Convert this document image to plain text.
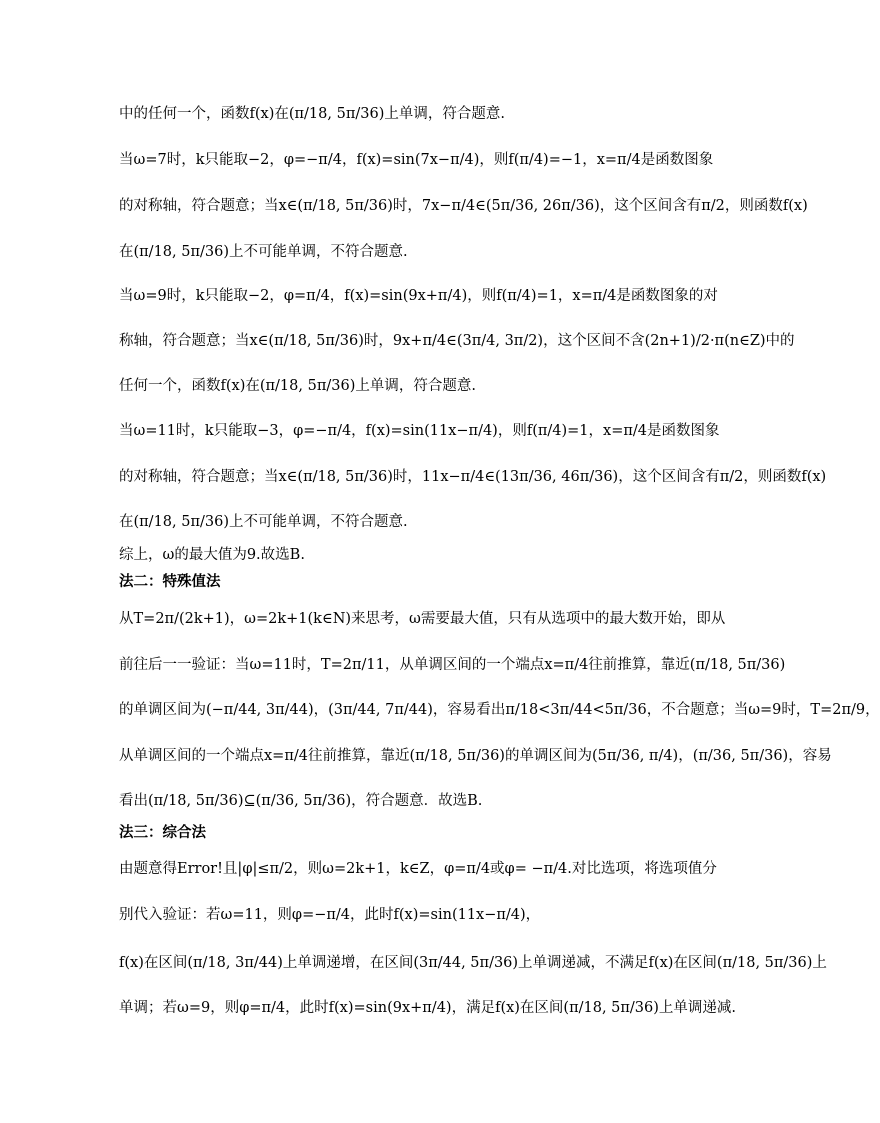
中的任何一个，函数f(x)在(π/18, 5π/36)上单调，符合题意.
当ω=7时，k只能取−2，φ=−π/4，f(x)=sin(7x−π/4)，则f(π/4)=−1，x=π/4是函数图象
的对称轴，符合题意；当x∈(π/18, 5π/36)时，7x−π/4∈(5π/36, 26π/36)，这个区间含有π/2，则函数f(x)
在(π/18, 5π/36)上不可能单调，不符合题意.
当ω=9时，k只能取−2，φ=π/4，f(x)=sin(9x+π/4)，则f(π/4)=1，x=π/4是函数图象的对
称轴，符合题意；当x∈(π/18, 5π/36)时，9x+π/4∈(3π/4, 3π/2)，这个区间不含(2n+1)/2·π(n∈Z)中的
任何一个，函数f(x)在(π/18, 5π/36)上单调，符合题意.
当ω=11时，k只能取−3，φ=−π/4，f(x)=sin(11x−π/4)，则f(π/4)=1，x=π/4是函数图象
的对称轴，符合题意；当x∈(π/18, 5π/36)时，11x−π/4∈(13π/36, 46π/36)，这个区间含有π/2，则函数f(x)
在(π/18, 5π/36)上不可能单调，不符合题意.
综上，ω的最大值为9.故选B.
法二：特殊值法
从T=2π/(2k+1)，ω=2k+1(k∈N)来思考，ω需要最大值，只有从选项中的最大数开始，即从
前往后一一验证：当ω=11时，T=2π/11，从单调区间的一个端点x=π/4往前推算，靠近(π/18, 5π/36)
的单调区间为(−π/44, 3π/44)，(3π/44, 7π/44)，容易看出π/18<3π/44<5π/36，不合题意；当ω=9时，T=2π/9，
从单调区间的一个端点x=π/4往前推算，靠近(π/18, 5π/36)的单调区间为(5π/36, π/4)，(π/36, 5π/36)，容易
看出(π/18, 5π/36)⊆(π/36, 5π/36)，符合题意．故选B.
法三：综合法
由题意得Error!且|φ|≤π/2，则ω=2k+1，k∈Z，φ=π/4或φ= −π/4.对比选项，将选项值分
别代入验证：若ω=11，则φ=−π/4，此时f(x)=sin(11x−π/4)，
f(x)在区间(π/18, 3π/44)上单调递增，在区间(3π/44, 5π/36)上单调递减，不满足f(x)在区间(π/18, 5π/36)上
单调；若ω=9，则φ=π/4，此时f(x)=sin(9x+π/4)，满足f(x)在区间(π/18, 5π/36)上单调递减.
